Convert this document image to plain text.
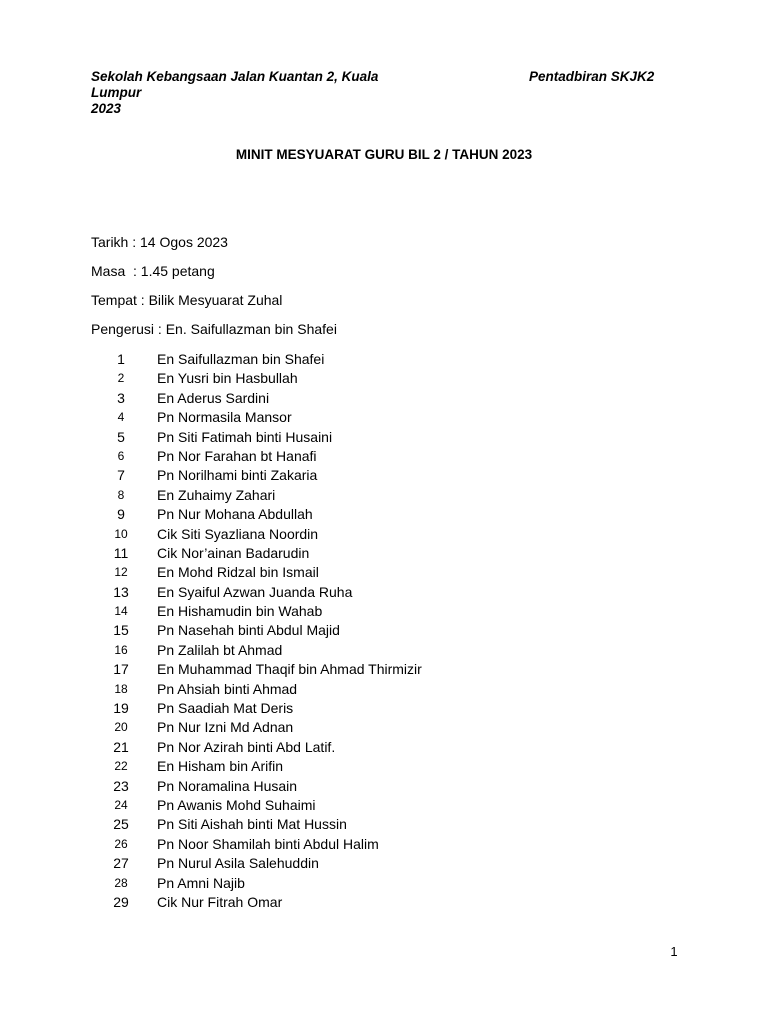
Sekolah Kebangsaan Jalan Kuantan 2, Kuala Lumpur
2023
Pentadbiran SKJK2
MINIT MESYUARAT GURU BIL 2 / TAHUN 2023
Tarikh : 14 Ogos 2023
Masa  : 1.45 petang
Tempat : Bilik Mesyuarat Zuhal
Pengerusi : En. Saifullazman bin Shafei
1	En Saifullazman bin Shafei
2	En Yusri bin Hasbullah
3	En Aderus Sardini
4	Pn Normasila Mansor
5	Pn Siti Fatimah binti Husaini
6	Pn Nor Farahan bt Hanafi
7	Pn Norilhami binti Zakaria
8	En Zuhaimy Zahari
9	Pn Nur Mohana Abdullah
10	Cik Siti Syazliana Noordin
11	Cik Nor’ainan Badarudin
12	En Mohd Ridzal bin Ismail
13	En Syaiful Azwan Juanda Ruha
14	En Hishamudin bin Wahab
15	Pn Nasehah binti Abdul Majid
16	Pn Zalilah bt Ahmad
17	En Muhammad Thaqif bin Ahmad Thirmizir
18	Pn Ahsiah binti Ahmad
19	Pn Saadiah Mat Deris
20	Pn Nur Izni Md Adnan
21	Pn Nor Azirah binti Abd Latif.
22	En Hisham bin Arifin
23	Pn Noramalina Husain
24	Pn Awanis Mohd Suhaimi
25	Pn Siti Aishah binti Mat Hussin
26	Pn Noor Shamilah binti Abdul Halim
27	Pn Nurul Asila Salehuddin
28	Pn Amni Najib
29	Cik Nur Fitrah Omar
1
